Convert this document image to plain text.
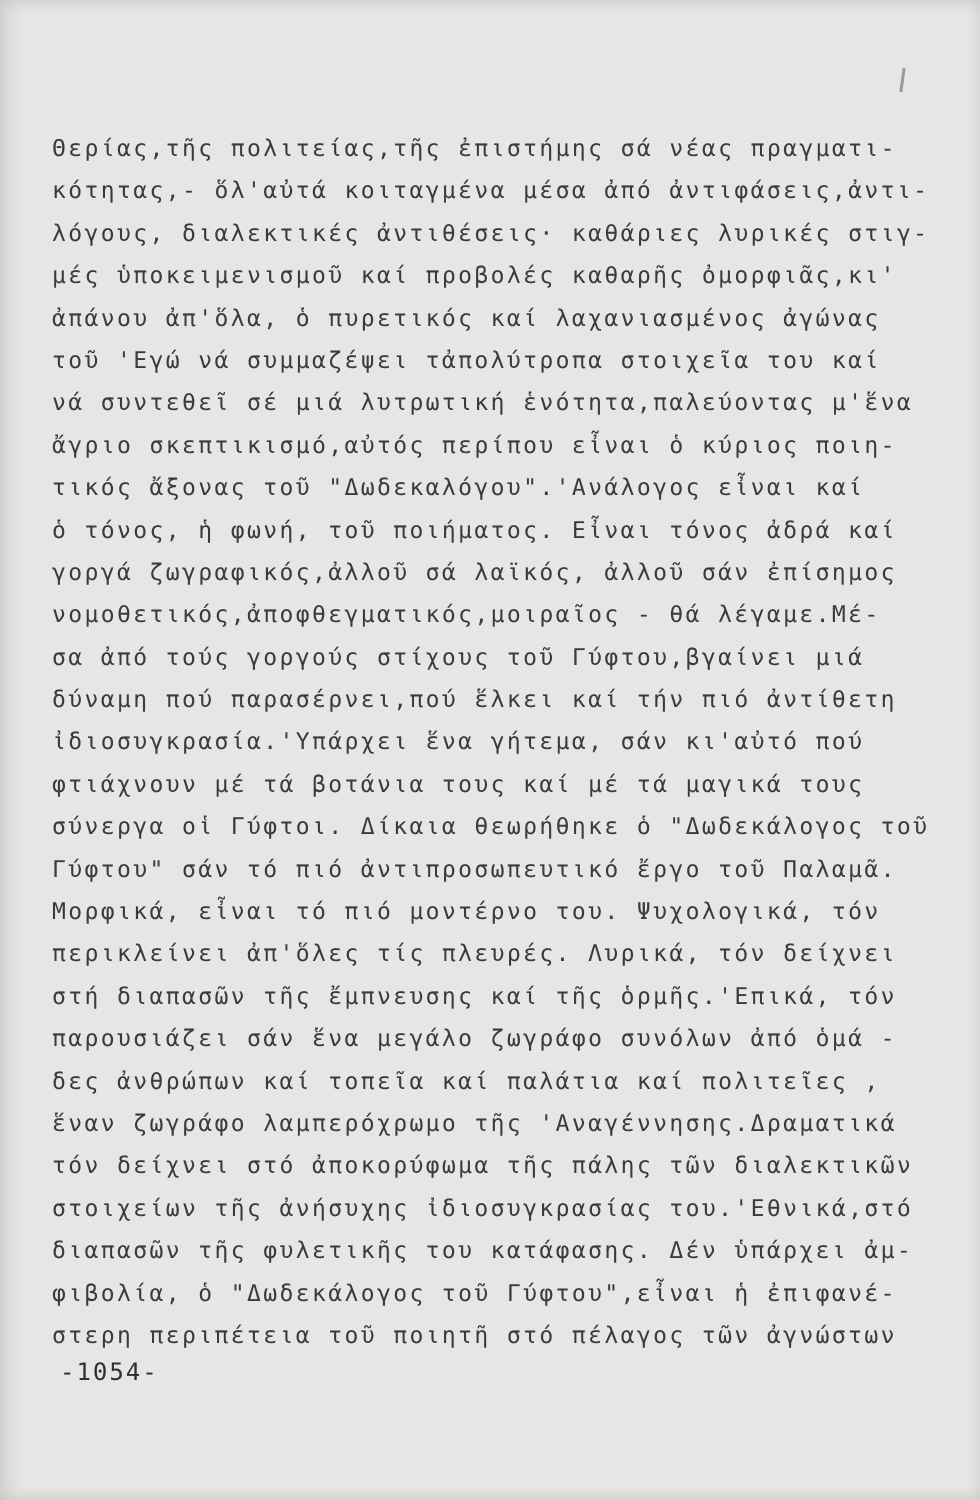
Θερίας,τῆς πολιτείας,τῆς ἐπιστήμης σά νέας πραγματι-
κότητας,- ὅλ'αὐτά κοιταγμένα μέσα ἀπό ἀντιφάσεις,ἀντι-
λόγους, διαλεκτικές ἀντιθέσεις· καθάριες λυρικές στιγ-
μές ὑποκειμενισμοῦ καί προβολές καθαρῆς ὀμορφιᾶς,κι'
ἀπάνου ἀπ'ὅλα, ὁ πυρετικός καί λαχανιασμένος ἀγώνας
τοῦ 'Εγώ νά συμμαζέψει τἀπολύτροπα στοιχεῖα του καί
νά συντεθεῖ σέ μιά λυτρωτική ἑνότητα,παλεύοντας μ'ἕνα
ἄγριο σκεπτικισμό,αὐτός περίπου εἶναι ὁ κύριος ποιη-
τικός ἄξονας τοῦ "Δωδεκαλόγου".'Ανάλογος εἶναι καί
ὁ τόνος, ἡ φωνή, τοῦ ποιήματος. Εἶναι τόνος ἀδρά καί
γοργά ζωγραφικός,ἀλλοῦ σά λαϊκός, ἀλλοῦ σάν ἐπίσημος
νομοθετικός,ἀποφθεγματικός,μοιραῖος - θά λέγαμε.Μέ-
σα ἀπό τούς γοργούς στίχους τοῦ Γύφτου,βγαίνει μιά
δύναμη πού παρασέρνει,πού ἕλκει καί τήν πιό ἀντίθετη
ἰδιοσυγκρασία.'Υπάρχει ἕνα γήτεμα, σάν κι'αὐτό πού
φτιάχνουν μέ τά βοτάνια τους καί μέ τά μαγικά τους
σύνεργα οἱ Γύφτοι. Δίκαια θεωρήθηκε ὁ "Δωδεκάλογος τοῦ
Γύφτου" σάν τό πιό ἀντιπροσωπευτικό ἔργο τοῦ Παλαμᾶ.
Μορφικά, εἶναι τό πιό μοντέρνο του. Ψυχολογικά, τόν
περικλείνει ἀπ'ὅλες τίς πλευρές. Λυρικά, τόν δείχνει
στή διαπασῶν τῆς ἔμπνευσης καί τῆς ὁρμῆς.'Επικά, τόν
παρουσιάζει σάν ἕνα μεγάλο ζωγράφο συνόλων ἀπό ὁμά -
δες ἀνθρώπων καί τοπεῖα καί παλάτια καί πολιτεῖες ,
ἕναν ζωγράφο λαμπερόχρωμο τῆς 'Αναγέννησης.Δραματικά
τόν δείχνει στό ἀποκορύφωμα τῆς πάλης τῶν διαλεκτικῶν
στοιχείων τῆς ἀνήσυχης ἰδιοσυγκρασίας του.'Εθνικά,στό
διαπασῶν τῆς φυλετικῆς του κατάφασης. Δέν ὑπάρχει ἀμ-
φιβολία, ὁ "Δωδεκάλογος τοῦ Γύφτου",εἶναι ἡ ἐπιφανέ-
στερη περιπέτεια τοῦ ποιητῆ στό πέλαγος τῶν ἀγνώστων
-1054-
